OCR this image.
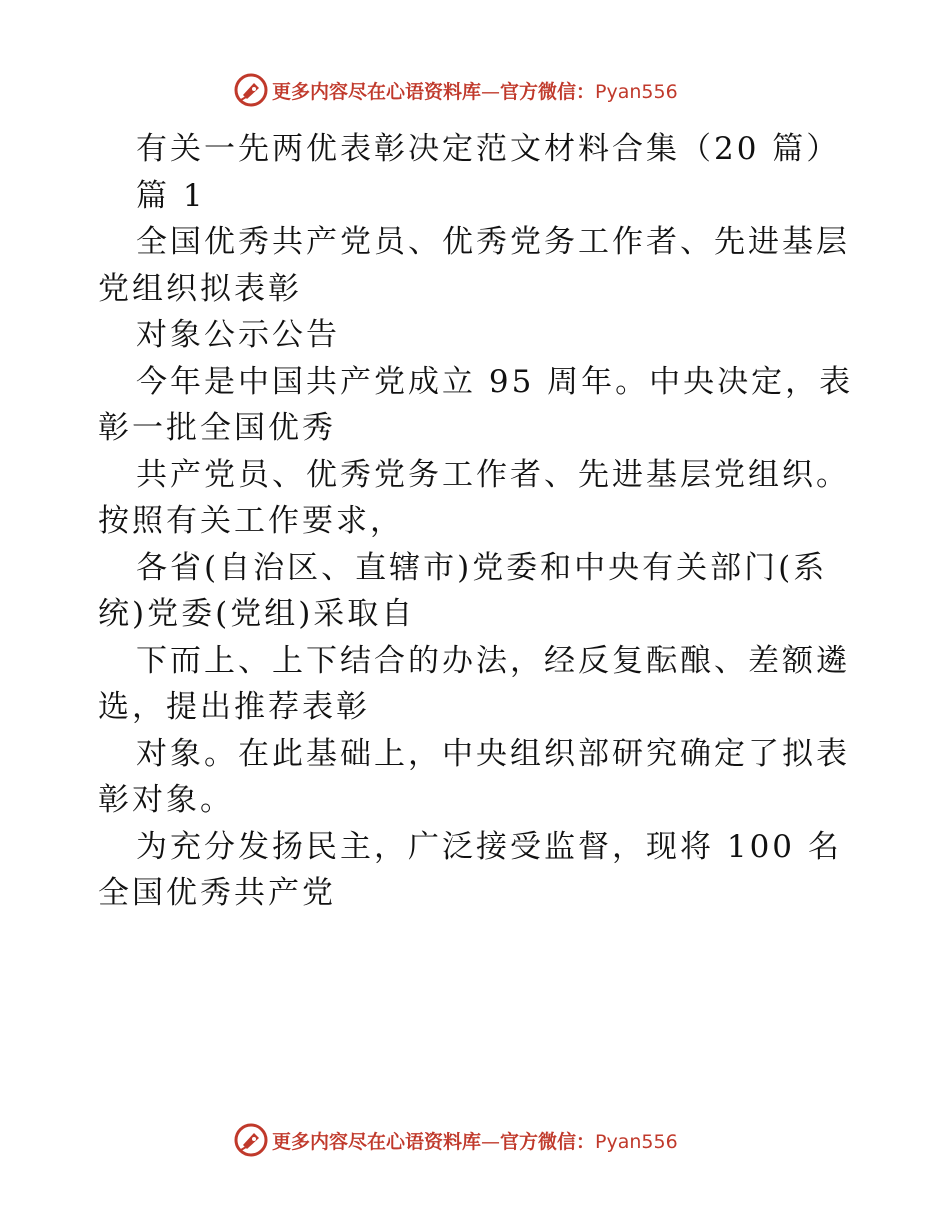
更多内容尽在心语资料库—官方微信：Pyan556
有关一先两优表彰决定范文材料合集（20 篇）
篇 1
全国优秀共产党员、优秀党务工作者、先进基层
党组织拟表彰
对象公示公告
今年是中国共产党成立 95 周年。中央决定，表
彰一批全国优秀
共产党员、优秀党务工作者、先进基层党组织。
按照有关工作要求，
各省(自治区、直辖市)党委和中央有关部门(系
统)党委(党组)采取自
下而上、上下结合的办法，经反复酝酿、差额遴
选，提出推荐表彰
对象。在此基础上，中央组织部研究确定了拟表
彰对象。
为充分发扬民主，广泛接受监督，现将 100 名
全国优秀共产党
更多内容尽在心语资料库—官方微信：Pyan556
